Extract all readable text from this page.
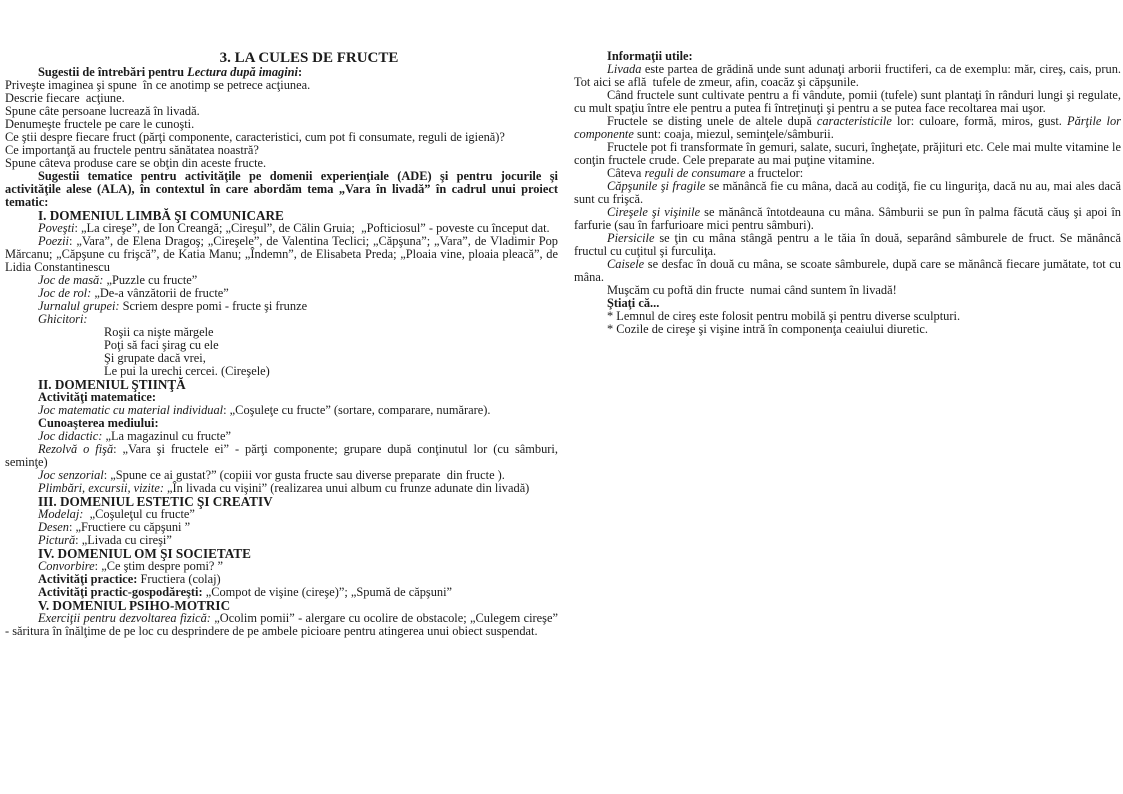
3. LA CULES DE FRUCTE

Sugestii de întrebări pentru Lectura după imagini:

Priveşte imaginea şi spune  în ce anotimp se petrece acţiunea.

Descrie fiecare  acţiune.

Spune câte persoane lucrează în livadă.

Denumeşte fructele pe care le cunoşti.

Ce ştii despre fiecare fruct (părţi componente, caracteristici, cum pot fi consumate, reguli de igienă)?

Ce importanţă au fructele pentru sănătatea noastră?

Spune câteva produse care se obţin din aceste fructe.

Sugestii tematice pentru activităţile pe domenii experienţiale (ADE) şi pentru jocurile şi activităţile alese (ALA), în contextul în care abordăm tema „Vara în livadă” în cadrul unui proiect tematic:

I. DOMENIUL LIMBĂ ŞI COMUNICARE

Poveşti: „La cireşe”, de Ion Creangă; „Cireşul”, de Călin Gruia;  „Pofticiosul” - poveste cu început dat.

Poezii: „Vara”, de Elena Dragoş; „Cireşele”, de Valentina Teclici; „Căpşuna”; „Vara”, de Vladimir Pop Mărcanu; „Căpşune cu frişcă”, de Katia Manu; „Îndemn”, de Elisabeta Preda; „Ploaia vine, ploaia pleacă”, de Lidia Constantinescu

Joc de masă: „Puzzle cu fructe”

Joc de rol: „De-a vânzătorii de fructe”

Jurnalul grupei: Scriem despre pomi - fructe şi frunze

Ghicitori:

Roşii ca nişte mărgele

Poţi să faci şirag cu ele

Şi grupate dacă vrei,

Le pui la urechi cercei. (Cireşele)

II. DOMENIUL ŞTIINŢĂ

Activităţi matematice:

Joc matematic cu material individual: „Coşuleţe cu fructe” (sortare, comparare, numărare).

Cunoaşterea mediului:

Joc didactic: „La magazinul cu fructe”

Rezolvă o fişă: „Vara şi fructele ei” - părţi componente; grupare după conţinutul lor (cu sâmburi, seminţe)

Joc senzorial: „Spune ce ai gustat?” (copiii vor gusta fructe sau diverse preparate  din fructe ).

Plimbări, excursii, vizite: „În livada cu vişini” (realizarea unui album cu frunze adunate din livadă)

III. DOMENIUL ESTETIC ŞI CREATIV

Modelaj:  „Coşuleţul cu fructe”

Desen: „Fructiere cu căpşuni ”

Pictură: „Livada cu cireşi”

IV. DOMENIUL OM ŞI SOCIETATE

Convorbire: „Ce ştim despre pomi? ”

Activităţi practice: Fructiera (colaj)

Activităţi practic-gospodăreşti: „Compot de vişine (cireşe)”; „Spumă de căpşuni”

V. DOMENIUL PSIHO-MOTRIC

Exerciţii pentru dezvoltarea fizică: „Ocolim pomii” - alergare cu ocolire de obstacole; „Culegem cireşe” - săritura în înălţime de pe loc cu desprindere de pe ambele picioare pentru atingerea unui obiect suspendat.

Informaţii utile:

Livada este partea de grădină unde sunt adunaţi arborii fructiferi, ca de exemplu: măr, cireş, cais, prun. Tot aici se află  tufele de zmeur, afin, coacăz şi căpşunile.

Când fructele sunt cultivate pentru a fi vândute, pomii (tufele) sunt plantaţi în rânduri lungi şi regulate, cu mult spaţiu între ele pentru a putea fi întreţinuţi şi pentru a se putea face recoltarea mai uşor.

Fructele se disting unele de altele după caracteristicile lor: culoare, formă, miros, gust. Părţile lor componente sunt: coaja, miezul, seminţele/sâmburii.

Fructele pot fi transformate în gemuri, salate, sucuri, îngheţate, prăjituri etc. Cele mai multe vitamine le conţin fructele crude. Cele preparate au mai puţine vitamine.

Câteva reguli de consumare a fructelor:

Căpşunile şi fragile se mănâncă fie cu mâna, dacă au codiţă, fie cu linguriţa, dacă nu au, mai ales dacă sunt cu frişcă.

Cireşele şi vişinile se mănâncă întotdeauna cu mâna. Sâmburii se pun în palma făcută căuş şi apoi în farfurie (sau în farfurioare mici pentru sâmburi).

Piersicile se ţin cu mâna stângă pentru a le tăia în două, separând sâmburele de fruct. Se mănâncă fructul cu cuţitul şi furculiţa.

Caisele se desfac în două cu mâna, se scoate sâmburele, după care se mănâncă fiecare jumătate, tot cu mâna.

Muşcăm cu poftă din fructe  numai când suntem în livadă!

Ştiaţi că...

* Lemnul de cireş este folosit pentru mobilă şi pentru diverse sculpturi.

* Cozile de cireşe şi vişine intră în componenţa ceaiului diuretic.
